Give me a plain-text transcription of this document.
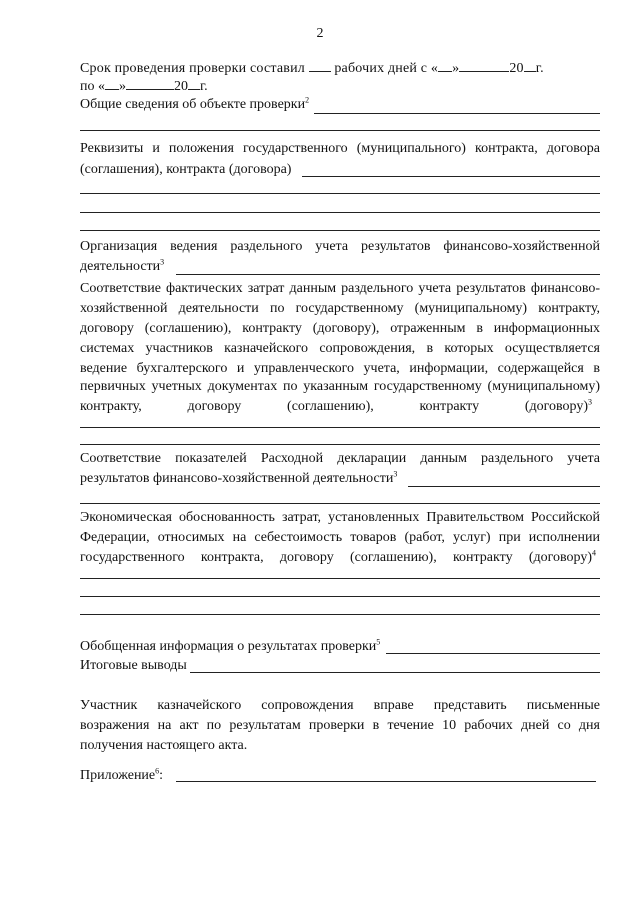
2
Срок проведения проверки составил рабочих дней с « »	20 г.
по « »	20 г.
Общие сведения об объекте проверки$^2$
Реквизиты и положения государственного (муниципального) контракта, договора
(соглашения), контракта (договора)
Организация ведения раздельного учета результатов финансово-хозяйственной
деятельности$^3$
Соответствие фактических затрат данным раздельного учета результатов финансово-
хозяйственной деятельности по государственному (муниципальному) контракту,
договору (соглашению), контракту (договору), отраженным в информационных
системах участников казначейского сопровождения, в которых осуществляется
ведение бухгалтерского и управленческого учета, информации, содержащейся в
первичных учетных документах по указанным государственному (муниципальному)
контракту, договору (соглашению), контракту (договору)$^3$
Соответствие показателей Расходной декларации данным раздельного учета
результатов финансово-хозяйственной деятельности$^3$
Экономическая обоснованность затрат, установленных Правительством Российской
Федерации, относимых на себестоимость товаров (работ, услуг) при исполнении
государственного контракта, договору (соглашению), контракту (договору)$^4$
Обобщенная информация о результатах проверки$^5$
Итоговые выводы
Участник казначейского сопровождения вправе представить письменные
возражения на акт по результатам проверки в течение 10 рабочих дней со дня
получения настоящего акта.
Приложение$^6$:
